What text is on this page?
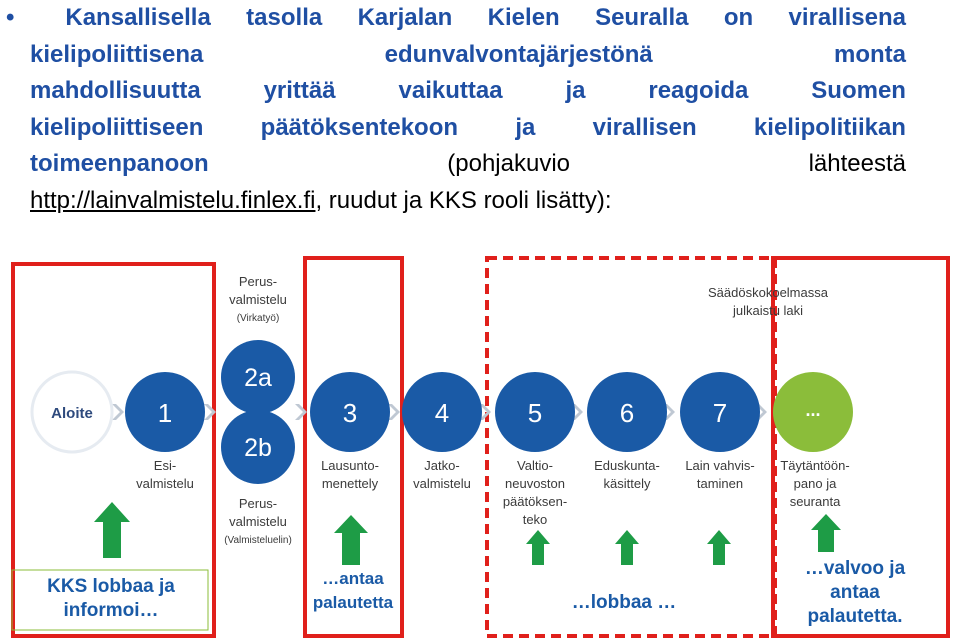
•	Kansallisella tasolla Karjalan Kielen Seuralla on virallisena
kielipoliittisena	edunvalvontajärjestönä	monta
mahdollisuutta	yrittää	vaikuttaa	ja	reagoida	Suomen
kielipoliittiseen päätöksentekoon ja virallisen kielipolitiikan
toimeenpanoon	(pohjakuvio	lähteestä
http://lainvalmistelu.finlex.fi , ruudut ja KKS rooli lisätty):
Perus-
valmistelu
(Virkatyö)
Perus-
valmistelu
(Valmisteluelin)
Säädöskokoelmassa
julkaistu laki
Aloite 1
2a
2b
3	4	5	6	7	...
Esi-
valmistelu
Lausunto-
menettely
Jatko-
valmistelu
Valtio-
neuvoston
päätöksen-
teko
Eduskunta-
käsittely
Lain vahvis-
taminen
Täytäntöön-
pano ja
seuranta
KKS lobbaa ja
informoi…
…antaa
palautetta	…lobbaa …
…valvoo ja
antaa
palautetta.
